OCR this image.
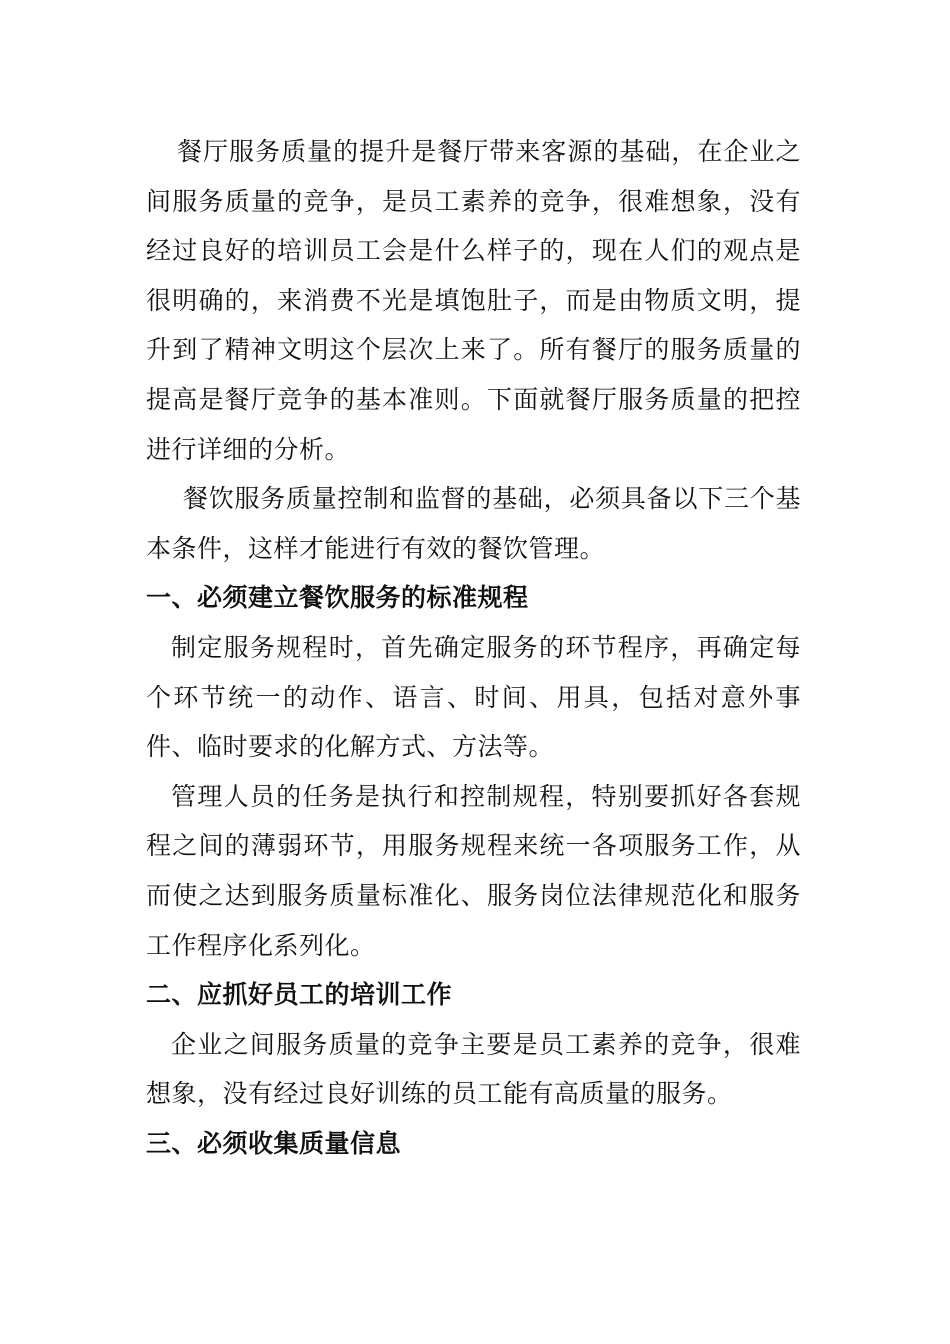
餐厅服务质量的提升是餐厅带来客源的基础，在企业之间服务质量的竞争，是员工素养的竞争，很难想象，没有经过良好的培训员工会是什么样子的，现在人们的观点是很明确的，来消费不光是填饱肚子，而是由物质文明，提升到了精神文明这个层次上来了。所有餐厅的服务质量的提高是餐厅竞争的基本准则。下面就餐厅服务质量的把控进行详细的分析。

餐饮服务质量控制和监督的基础，必须具备以下三个基本条件，这样才能进行有效的餐饮管理。

一、必须建立餐饮服务的标准规程

制定服务规程时，首先确定服务的环节程序，再确定每个环节统一的动作、语言、时间、用具，包括对意外事件、临时要求的化解方式、方法等。

管理人员的任务是执行和控制规程，特别要抓好各套规程之间的薄弱环节，用服务规程来统一各项服务工作，从而使之达到服务质量标准化、服务岗位法律规范化和服务工作程序化系列化。

二、应抓好员工的培训工作

企业之间服务质量的竞争主要是员工素养的竞争，很难想象，没有经过良好训练的员工能有高质量的服务。

三、必须收集质量信息
